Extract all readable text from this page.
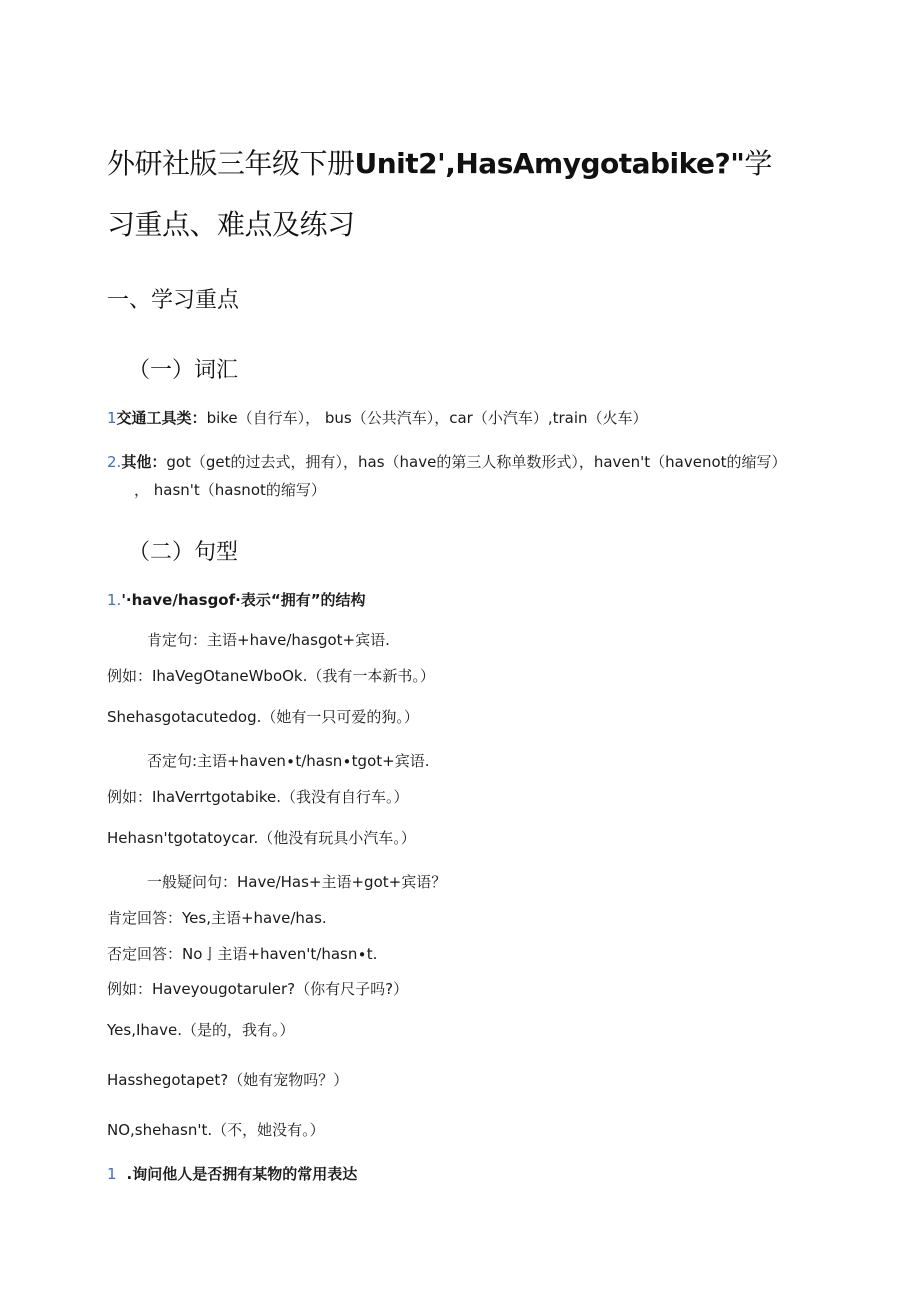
外研社版三年级下册Unit2',HasAmygotabike?"学
习重点、难点及练习
一、学习重点
（一）词汇
1交通工具类：bike（自行车）， bus（公共汽车），car（小汽车）,train（火车）
2.其他：got（get的过去式，拥有），has（have的第三人称单数形式），haven't（havenot的缩写）
， hasn't（hasnot的缩写）
（二）句型
1.'·have∕hasgof·表示“拥有”的结构
肯定句：主语+have/hasgot+宾语.
例如：IhaVegOtaneWboOk.（我有一本新书。）
Shehasgotacutedog.（她有一只可爱的狗。）
否定句:主语+haven∙t∕hasn∙tgot+宾语.
例如：IhaVerrtgotabike.（我没有自行车。）
Hehasn'tgotatoycar.（他没有玩具小汽车。）
一般疑问句：Have/Has+主语+got+宾语？
肯定回答：Yes,主语+have/has.
否定回答：No亅主语+haven't∕hasn∙t.
例如：Haveyougotaruler?（你有尺子吗?）
Yes,Ihave.（是的，我有。）
Hasshegotapet?（她有宠物吗？）
NO,shehasn't.（不，她没有。）
1 .询问他人是否拥有某物的常用表达
